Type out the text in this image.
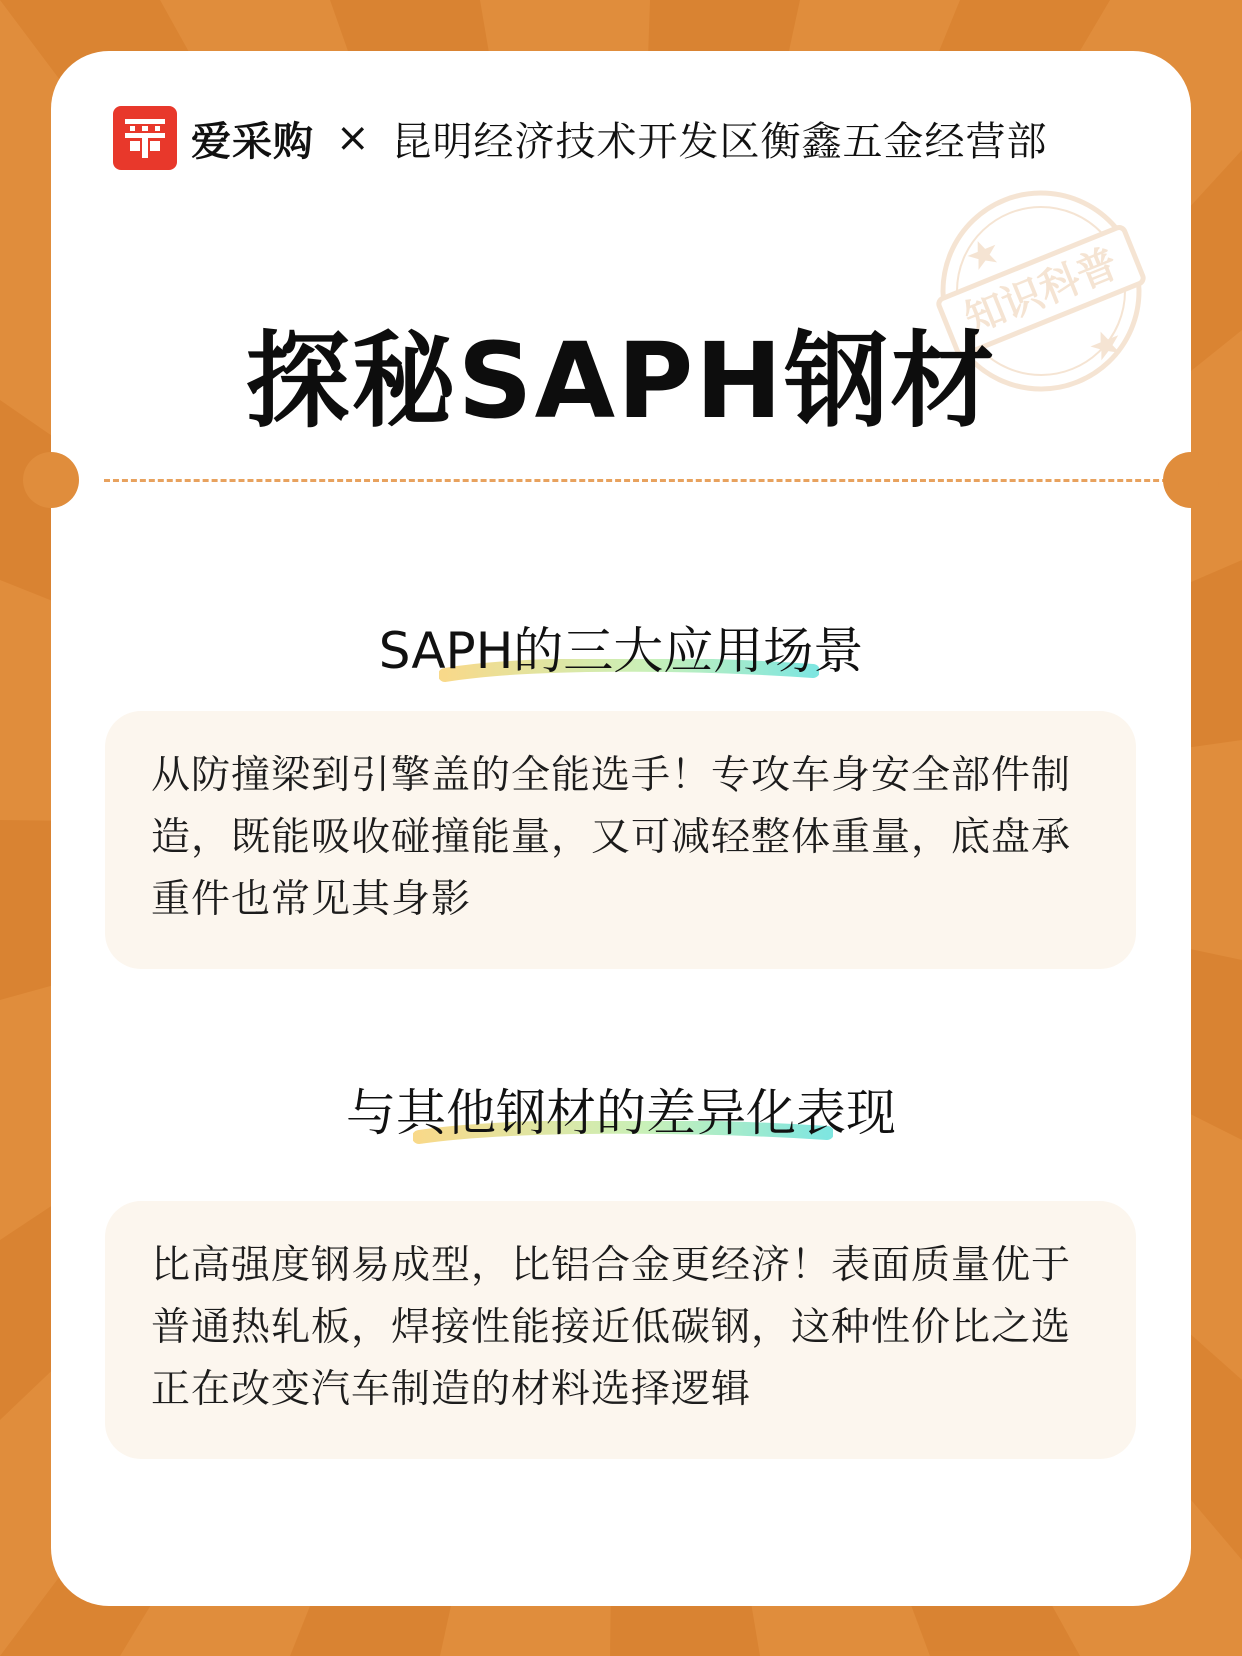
爱采购 × 昆明经济技术开发区衡鑫五金经营部
知识科普
探秘SAPH钢材
SAPH的三大应用场景

从防撞梁到引擎盖的全能选手！专攻车身安全部件制造，既能吸收碰撞能量，又可减轻整体重量，底盘承重件也常见其身影

与其他钢材的差异化表现

比高强度钢易成型，比铝合金更经济！表面质量优于普通热轧板，焊接性能接近低碳钢，这种性价比之选正在改变汽车制造的材料选择逻辑
